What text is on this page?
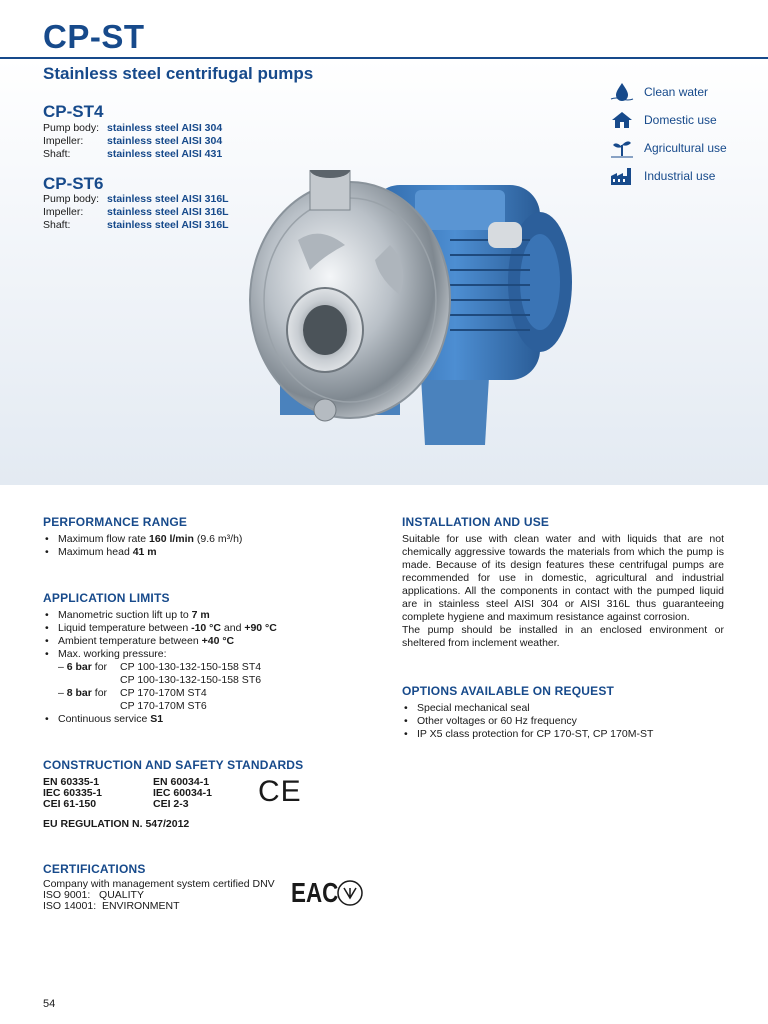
CP-ST
Stainless steel centrifugal pumps
CP-ST4
Pump body: stainless steel AISI 304
Impeller: stainless steel AISI 304
Shaft:	stainless steel AISI 431
CP-ST6
Pump body: stainless steel AISI 316L
Impeller: stainless steel AISI 316L
Shaft:	stainless steel AISI 316L
Clean water
Domestic use
Agricultural use
Industrial use
PERFORMANCE RANGE
• Maximum flow rate 160 l/min (9.6 m³/h)
• Maximum head 41 m
APPLICATION LIMITS
• Manometric suction lift up to 7 m
• Liquid temperature between -10 °C and +90 °C
• Ambient temperature between +40 °C
• Max. working pressure:
– 6 bar for	CP 100-130-132-150-158 ST4
CP 100-130-132-150-158 ST6
– 8 bar for	CP 170-170M ST4
CP 170-170M ST6
• Continuous service S1
CONSTRUCTION AND SAFETY STANDARDS
EN 60335-1
IEC 60335-1
CEI 61-150
EN 60034-1
IEC 60034-1
CEI 2-3	CE
EU REGULATION N. 547/2012
CERTIFICATIONS
Company with management system certified DNV
ISO 9001:   QUALITY
ISO 14001:  ENVIRONMENT	EAC
INSTALLATION AND USE
Suitable for use with clean water and with liquids that are not chemically aggressive towards the materials from which the pump is made. Because of its design features these centrifugal pumps are recommended for use in domestic, agricultural and industrial applications. All the components in contact with the pumped liquid are in stainless steel AISI 304 or AISI 316L thus guaranteeing complete hygiene and maximum resistance against corrosion.
The pump should be installed in an enclosed environment or sheltered from inclement weather.
OPTIONS AVAILABLE ON REQUEST
• Special mechanical seal
• Other voltages or 60 Hz frequency
• IP X5 class protection for CP 170-ST, CP 170M-ST
54
